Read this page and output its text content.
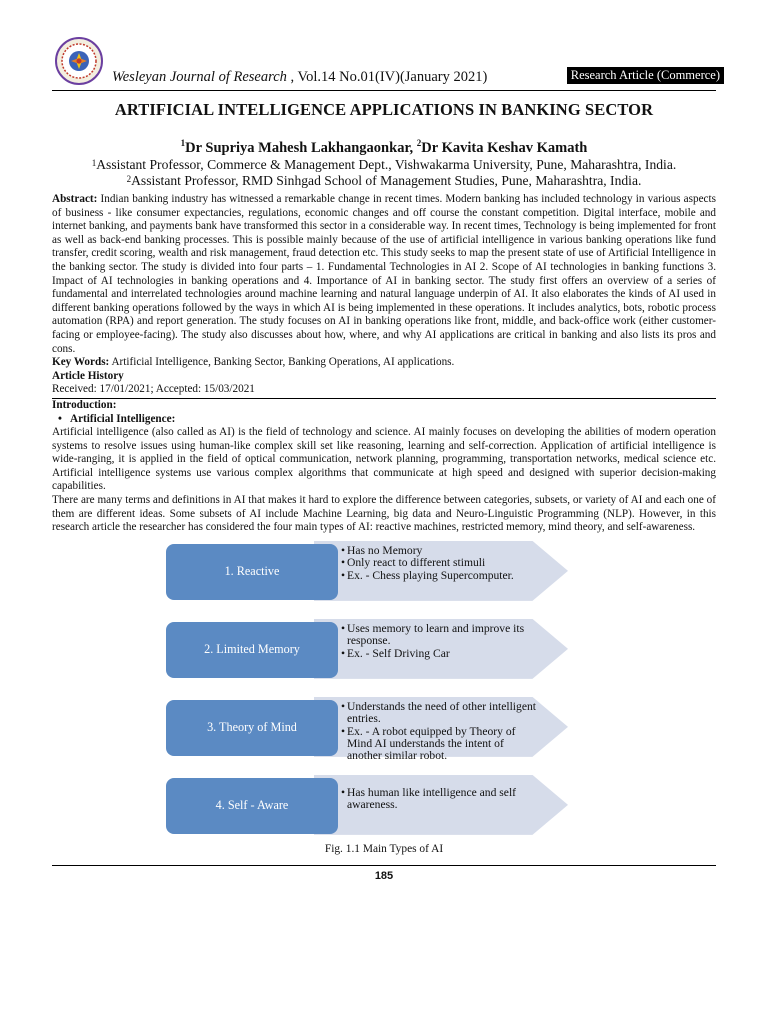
Wesleyan Journal of Research , Vol.14 No.01(IV)(January 2021)	Research Article (Commerce)
ARTIFICIAL INTELLIGENCE APPLICATIONS IN BANKING SECTOR
$^1$Dr Supriya Mahesh Lakhangaonkar, $^2$Dr Kavita Keshav Kamath
$^1$Assistant Professor, Commerce & Management Dept., Vishwakarma University, Pune, Maharashtra, India.
$^2$Assistant Professor, RMD Sinhgad School of Management Studies, Pune, Maharashtra, India.

Abstract: Indian banking industry has witnessed a remarkable change in recent times. Modern banking has included technology in various aspects of business - like consumer expectancies, regulations, economic changes and off course the constant competition. Digital interface, mobile and internet banking, and payments bank have transformed this sector in a considerable way. In recent times, Technology is being implemented for front as well as back-end banking processes. This is possible mainly because of the use of artificial intelligence in various banking operations like fund transfer, credit scoring, wealth and risk management, fraud detection etc. This study seeks to map the present state of use of Artificial Intelligence in the banking sector. The study is divided into four parts – 1. Fundamental Technologies in AI 2. Scope of AI technologies in banking functions 3. Impact of AI technologies in banking operations and 4. Importance of AI in banking sector. The study first offers an overview of a series of fundamental and interrelated technologies around machine learning and natural language underpin of AI. It also elaborates the kinds of AI used in different banking operations followed by the ways in which AI is being implemented in these operations. It includes analytics, bots, robotic process automation (RPA) and report generation. The study focuses on AI in banking operations like front, middle, and back-office work (either customer-facing or employee-facing). The study also discusses about how, where, and why AI applications are critical in banking and also lists its pros and cons.

Key Words: Artificial Intelligence, Banking Sector, Banking Operations, AI applications.

Article History

Received: 17/01/2021; Accepted: 15/03/2021

Introduction:
• Artificial Intelligence:

Artificial intelligence (also called as AI) is the field of technology and science. AI mainly focuses on developing the abilities of modern operation systems to resolve issues using human-like complex skill set like reasoning, learning and self-correction. Application of artificial intelligence is wide-ranging, it is applied in the field of optical communication, network planning, programming, transportation networks, medical science etc. Artificial intelligence systems use various complex algorithms that communicate at high speed and designed with superior decision-making capabilities.

There are many terms and definitions in AI that makes it hard to explore the difference between categories, subsets, or variety of AI and each one of them are different ideas. Some subsets of AI include Machine Learning, big data and Neuro-Linguistic Programming (NLP). However, in this research article the researcher has considered the four main types of AI: reactive machines, restricted memory, mind theory, and self-awareness.

1. Reactive
• Has no Memory
• Only react to different stimuli
• Ex. - Chess playing Supercomputer.
2. Limited Memory
• Uses memory to learn and improve its response.
• Ex. - Self Driving Car
3. Theory of Mind
• Understands the need of other intelligent entries.
• Ex. - A robot equipped by Theory of Mind AI understands the intent of another similar robot.
4. Self - Aware
• Has human like intelligence and self awareness.
Fig. 1.1 Main Types of AI
185
